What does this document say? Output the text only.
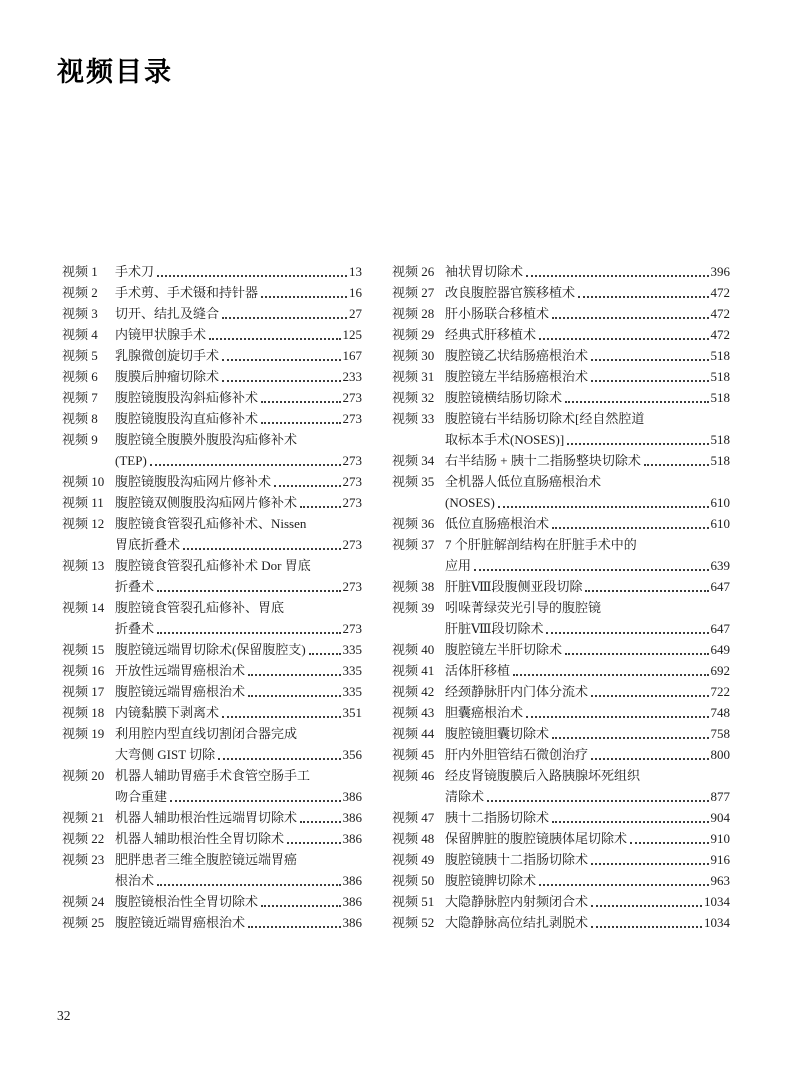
视频目录
视频 1	手术刀	13
视频 2	手术剪、手术镊和持针器	16
视频 3	切开、结扎及缝合	27
视频 4	内镜甲状腺手术	125
视频 5	乳腺微创旋切手术	167
视频 6	腹膜后肿瘤切除术	233
视频 7	腹腔镜腹股沟斜疝修补术	273
视频 8	腹腔镜腹股沟直疝修补术	273
视频 9	腹腔镜全腹膜外腹股沟疝修补术
(TEP)	273
视频 10 腹腔镜腹股沟疝网片修补术	273
视频 11 腹腔镜双侧腹股沟疝网片修补术	273
视频 12 腹腔镜食管裂孔疝修补术、Nissen
胃底折叠术	273
视频 13 腹腔镜食管裂孔疝修补术 Dor 胃底
折叠术	273
视频 14 腹腔镜食管裂孔疝修补、胃底
折叠术	273
视频 15 腹腔镜远端胃切除术(保留腹腔支)	335
视频 16 开放性远端胃癌根治术	335
视频 17 腹腔镜远端胃癌根治术	335
视频 18 内镜黏膜下剥离术	351
视频 19 利用腔内型直线切割闭合器完成
大弯侧 GIST 切除	356
视频 20 机器人辅助胃癌手术食管空肠手工
吻合重建	386
视频 21 机器人辅助根治性远端胃切除术	386
视频 22 机器人辅助根治性全胃切除术	386
视频 23 肥胖患者三维全腹腔镜远端胃癌
根治术	386
视频 24 腹腔镜根治性全胃切除术	386
视频 25 腹腔镜近端胃癌根治术	386
视频 26 袖状胃切除术	396
视频 27 改良腹腔器官簇移植术	472
视频 28 肝小肠联合移植术	472
视频 29 经典式肝移植术	472
视频 30 腹腔镜乙状结肠癌根治术	518
视频 31 腹腔镜左半结肠癌根治术	518
视频 32 腹腔镜横结肠切除术	518
视频 33 腹腔镜右半结肠切除术[经自然腔道
取标本手术(NOSES)]	518
视频 34 右半结肠 + 胰十二指肠整块切除术	518
视频 35 全机器人低位直肠癌根治术
(NOSES)	610
视频 36 低位直肠癌根治术	610
视频 37 7 个肝脏解剖结构在肝脏手术中的
应用	639
视频 38 肝脏Ⅷ段腹侧亚段切除	647
视频 39 吲哚菁绿荧光引导的腹腔镜
肝脏Ⅷ段切除术	647
视频 40 腹腔镜左半肝切除术	649
视频 41 活体肝移植	692
视频 42 经颈静脉肝内门体分流术	722
视频 43 胆囊癌根治术	748
视频 44 腹腔镜胆囊切除术	758
视频 45 肝内外胆管结石微创治疗	800
视频 46 经皮肾镜腹膜后入路胰腺坏死组织
清除术	877
视频 47 胰十二指肠切除术	904
视频 48 保留脾脏的腹腔镜胰体尾切除术	910
视频 49 腹腔镜胰十二指肠切除术	916
视频 50 腹腔镜脾切除术	963
视频 51 大隐静脉腔内射频闭合术	1034
视频 52 大隐静脉高位结扎剥脱术	1034
32
